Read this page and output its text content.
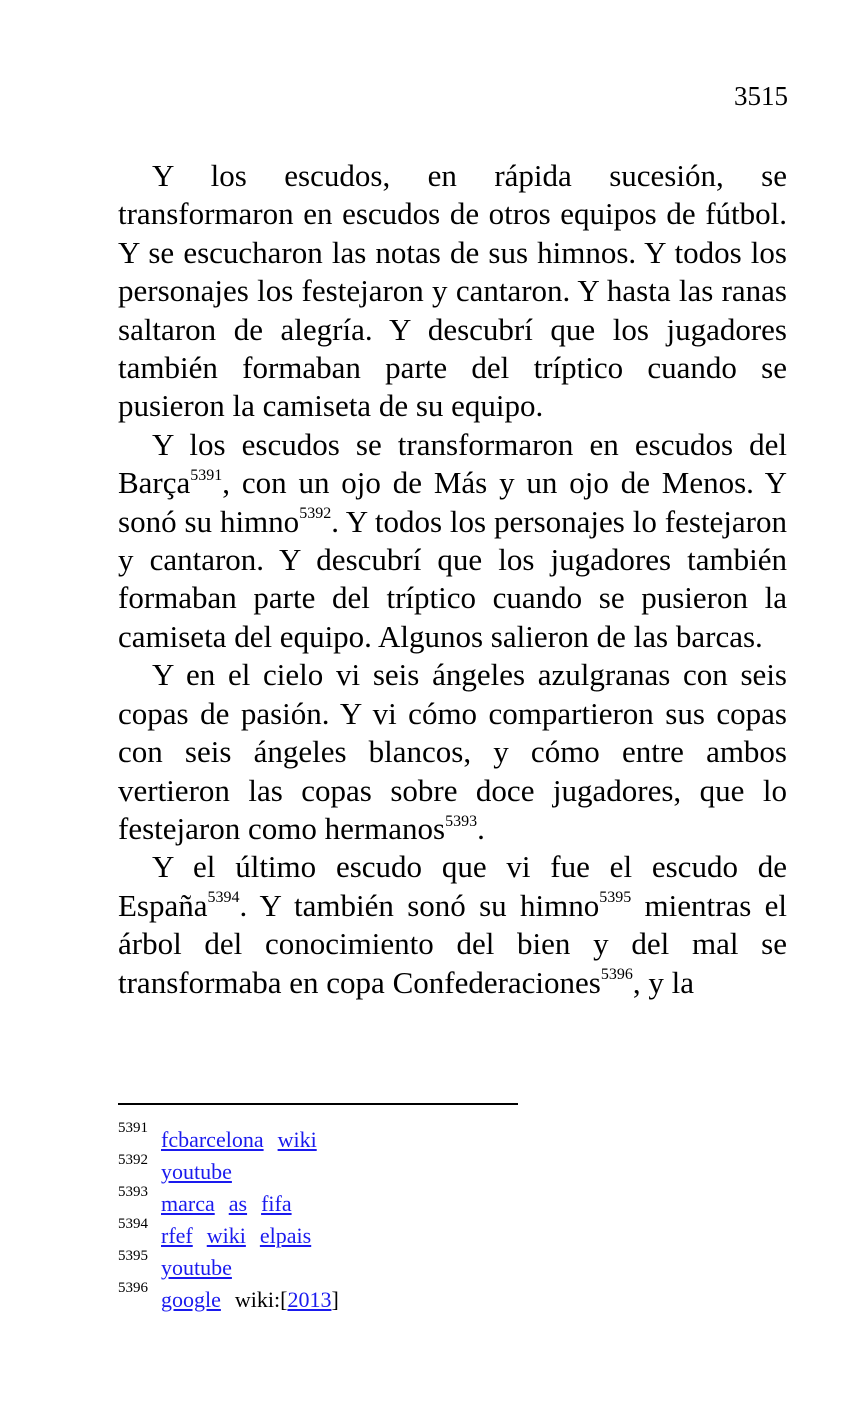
3515

Y los escudos, en rápida sucesión, se transformaron en escudos de otros equipos de fútbol. Y se escucharon las notas de sus himnos. Y todos los personajes los festejaron y cantaron. Y hasta las ranas saltaron de alegría. Y descubrí que los jugadores también formaban parte del tríptico cuando se pusieron la camiseta de su equipo.

Y los escudos se transformaron en escudos del Barça$^{5391}$, con un ojo de Más y un ojo de Menos. Y sonó su himno$^{5392}$. Y todos los personajes lo festejaron y cantaron. Y descubrí que los jugadores también formaban parte del tríptico cuando se pusieron la camiseta del equipo. Algunos salieron de las barcas.

Y en el cielo vi seis ángeles azulgranas con seis copas de pasión. Y vi cómo compartieron sus copas con seis ángeles blancos, y cómo entre ambos vertieron las copas sobre doce jugadores, que lo festejaron como hermanos$^{5393}$.

Y el último escudo que vi fue el escudo de España$^{5394}$. Y también sonó su himno$^{5395}$ mientras el árbol del conocimiento del bien y del mal se transformaba en copa Confederaciones$^{5396}$, y la

5391 fcbarcelona wiki
5392 youtube
5393 marca as fifa
5394 rfef wiki elpais
5395 youtube
5396 google wiki:[2013]
